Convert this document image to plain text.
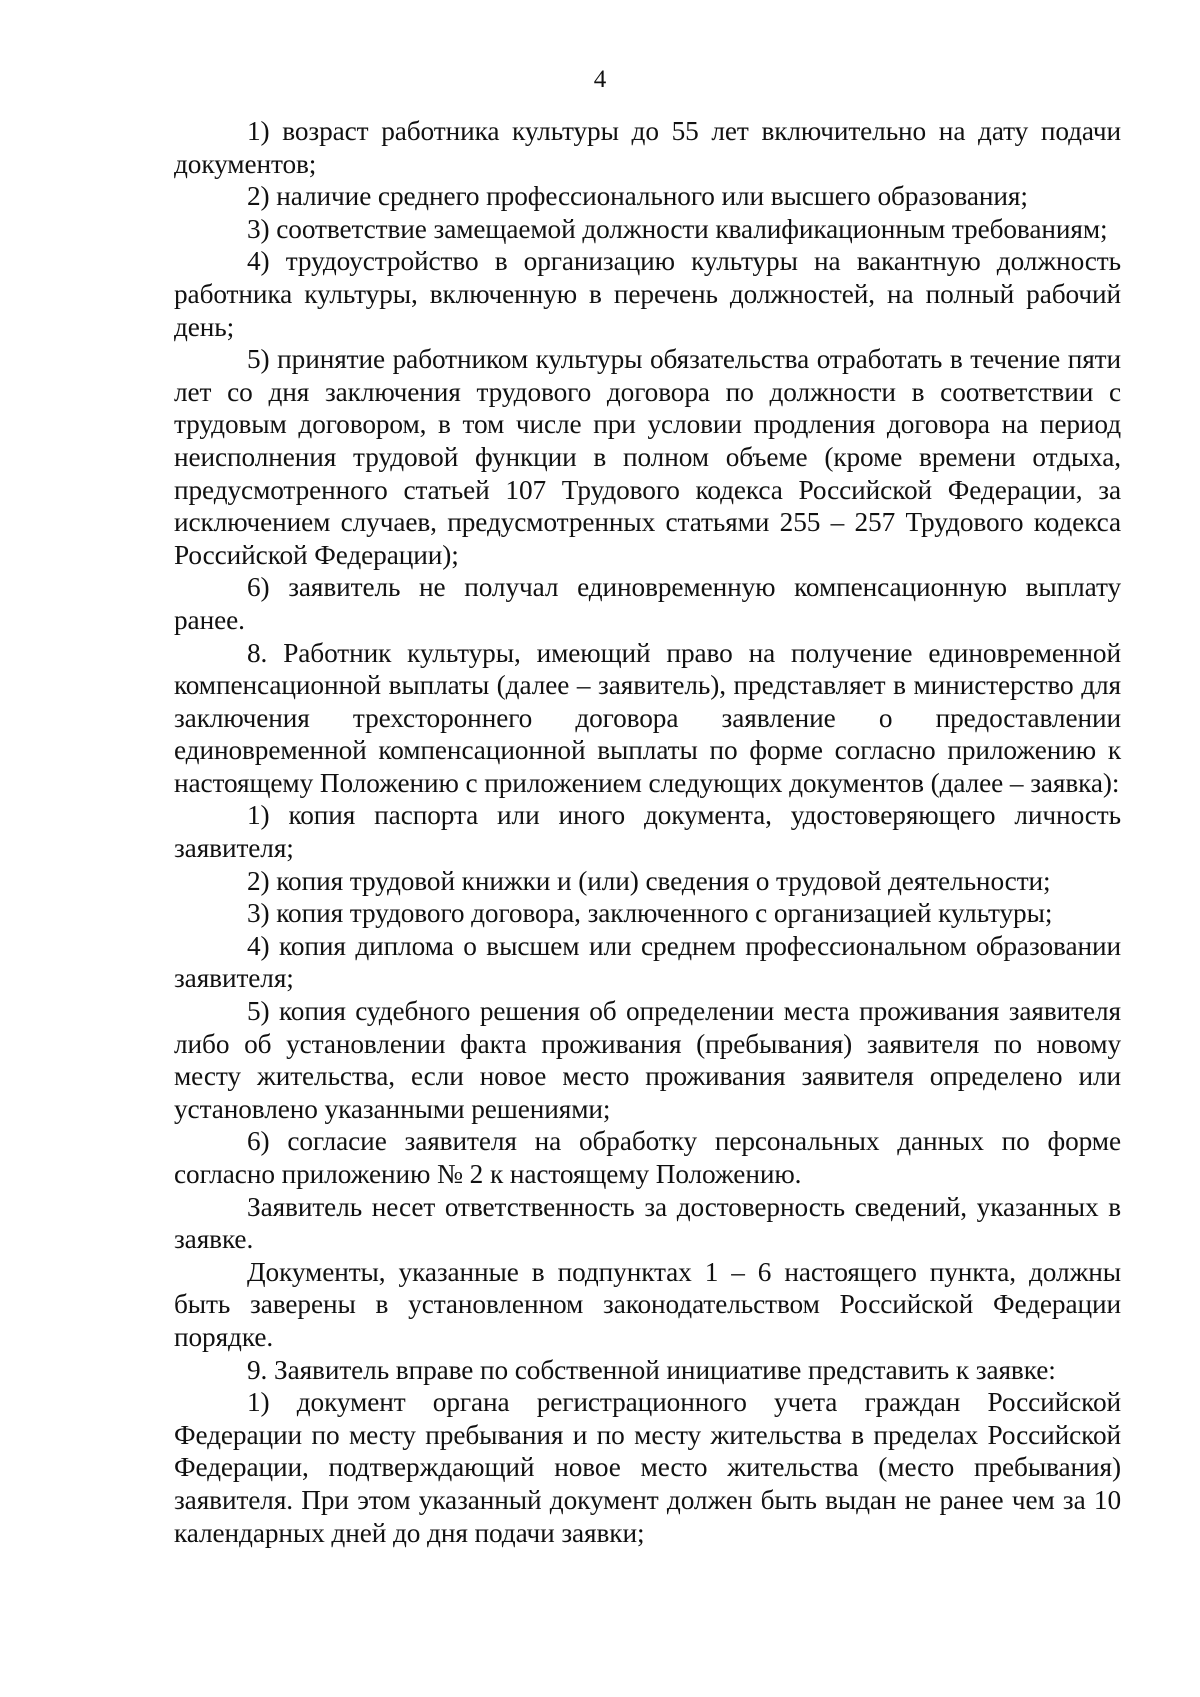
4

1) возраст работника культуры до 55 лет включительно на дату подачи документов;

2) наличие среднего профессионального или высшего образования;

3) соответствие замещаемой должности квалификационным требованиям;

4) трудоустройство в организацию культуры на вакантную должность работника культуры, включенную в перечень должностей, на полный рабочий день;

5) принятие работником культуры обязательства отработать в течение пяти лет со дня заключения трудового договора по должности в соответствии с трудовым договором, в том числе при условии продления договора на период неисполнения трудовой функции в полном объеме (кроме времени отдыха, предусмотренного статьей 107 Трудового кодекса Российской Федерации, за исключением случаев, предусмотренных статьями 255 – 257 Трудового кодекса Российской Федерации);

6) заявитель не получал единовременную компенсационную выплату ранее.

8. Работник культуры, имеющий право на получение единовременной компенсационной выплаты (далее – заявитель), представляет в министерство для заключения трехстороннего договора заявление о предоставлении единовременной компенсационной выплаты по форме согласно приложению к настоящему Положению с приложением следующих документов (далее – заявка):

1) копия паспорта или иного документа, удостоверяющего личность заявителя;

2) копия трудовой книжки и (или) сведения о трудовой деятельности;

3) копия трудового договора, заключенного с организацией культуры;

4) копия диплома о высшем или среднем профессиональном образовании заявителя;

5) копия судебного решения об определении места проживания заявителя либо об установлении факта проживания (пребывания) заявителя по новому месту жительства, если новое место проживания заявителя определено или установлено указанными решениями;

6) согласие заявителя на обработку персональных данных по форме согласно приложению № 2 к настоящему Положению.

Заявитель несет ответственность за достоверность сведений, указанных в заявке.

Документы, указанные в подпунктах 1 – 6 настоящего пункта, должны быть заверены в установленном законодательством Российской Федерации порядке.

9. Заявитель вправе по собственной инициативе представить к заявке:

1) документ органа регистрационного учета граждан Российской Федерации по месту пребывания и по месту жительства в пределах Российской Федерации, подтверждающий новое место жительства (место пребывания) заявителя. При этом указанный документ должен быть выдан не ранее чем за 10 календарных дней до дня подачи заявки;
